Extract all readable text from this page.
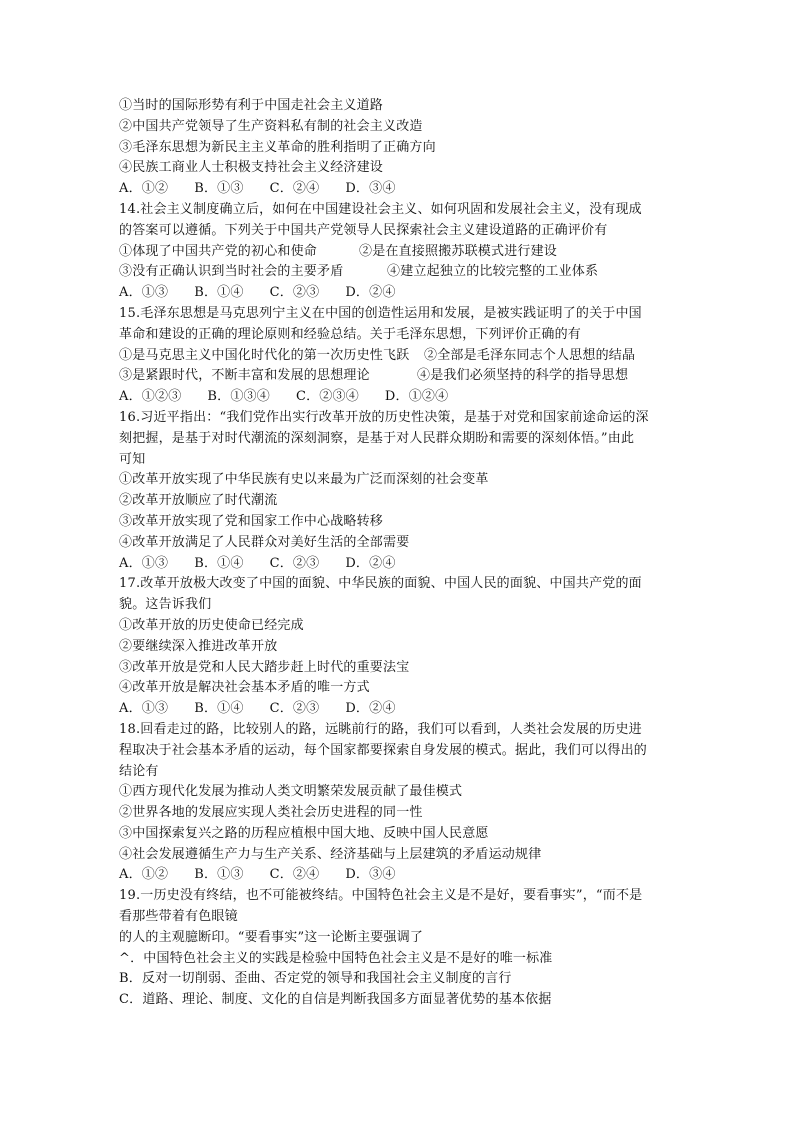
①当时的国际形势有利于中国走社会主义道路
②中国共产党领导了生产资料私有制的社会主义改造
③毛泽东思想为新民主主义革命的胜利指明了正确方向
④民族工商业人士积极支持社会主义经济建设
A．①② B．①③ C．②④ D．③④
14.社会主义制度确立后，如何在中国建设社会主义、如何巩固和发展社会主义，没有现成
的答案可以遵循。下列关于中国共产党领导人民探索社会主义建设道路的正确评价有
①体现了中国共产党的初心和使命	②是在直接照搬苏联模式进行建设
③没有正确认识到当时社会的主要矛盾	④建立起独立的比较完整的工业体系
A．①③ B．①④ C．②③ D．②④
15.毛泽东思想是马克思列宁主义在中国的创造性运用和发展，是被实践证明了的关于中国
革命和建设的正确的理论原则和经验总结。关于毛泽东思想，下列评价正确的有
①是马克思主义中国化时代化的第一次历史性飞跃 ②全部是毛泽东同志个人思想的结晶
③是紧跟时代，不断丰富和发展的思想理论	④是我们必须坚持的科学的指导思想
A．①②③ B．①③④ C．②③④ D．①②④
16.习近平指出：“我们党作出实行改革开放的历史性决策，是基于对党和国家前途命运的深
刻把握，是基于对时代潮流的深刻洞察，是基于对人民群众期盼和需要的深刻体悟。”由此
可知
①改革开放实现了中华民族有史以来最为广泛而深刻的社会变革
②改革开放顺应了时代潮流
③改革开放实现了党和国家工作中心战略转移
④改革开放满足了人民群众对美好生活的全部需要
A．①③ B．①④ C．②③ D．②④
17.改革开放极大改变了中国的面貌、中华民族的面貌、中国人民的面貌、中国共产党的面
貌。这告诉我们
①改革开放的历史使命已经完成
②要继续深入推进改革开放
③改革开放是党和人民大踏步赶上时代的重要法宝
④改革开放是解决社会基本矛盾的唯一方式
A．①③ B．①④ C．②③ D．②④
18.回看走过的路，比较别人的路，远眺前行的路，我们可以看到，人类社会发展的历史进
程取决于社会基本矛盾的运动，每个国家都要探索自身发展的模式。据此，我们可以得出的
结论有
①西方现代化发展为推动人类文明繁荣发展贡献了最佳模式
②世界各地的发展应实现人类社会历史进程的同一性
③中国探索复兴之路的历程应植根中国大地、反映中国人民意愿
④社会发展遵循生产力与生产关系、经济基础与上层建筑的矛盾运动规律
A．①② B．①③ C．②④ D．③④
19.一历史没有终结，也不可能被终结。中国特色社会主义是不是好，要看事实”，“而不是
看那些带着有色眼镜
的人的主观臆断印。“要看事实”这一论断主要强调了
^．中国特色社会主义的实践是检验中国特色社会主义是不是好的唯一标准
B．反对一切削弱、歪曲、否定党的领导和我国社会主义制度的言行
C．道路、理论、制度、文化的自信是判断我国多方面显著优势的基本依据
